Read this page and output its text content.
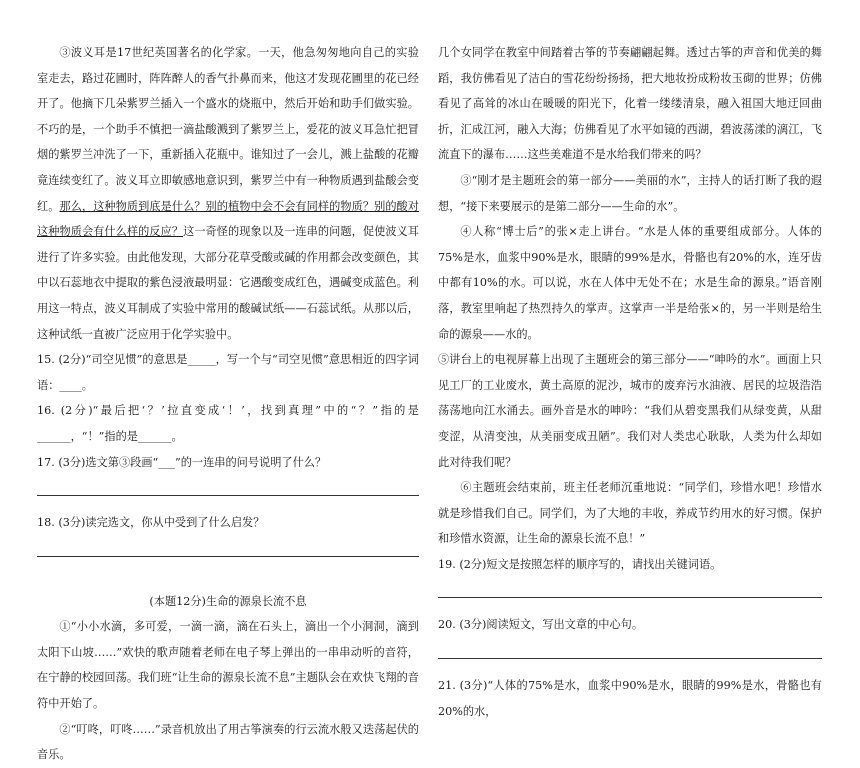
③波义耳是17世纪英国著名的化学家。一天，他急匆匆地向自己的实验室走去，路过花圃时，阵阵醉人的香气扑鼻而来，他这才发现花圃里的花已经开了。他摘下几朵紫罗兰插入一个盛水的烧瓶中，然后开始和助手们做实验。不巧的是，一个助手不慎把一滴盐酸溅到了紫罗兰上，爱花的波义耳急忙把冒烟的紫罗兰冲洗了一下，重新插入花瓶中。谁知过了一会儿，溅上盐酸的花瓣竟连续变红了。波义耳立即敏感地意识到，紫罗兰中有一种物质遇到盐酸会变红。那么，这种物质到底是什么？别的植物中会不会有同样的物质？别的酸对这种物质会有什么样的反应？这一奇怪的现象以及一连串的问题，促使波义耳进行了许多实验。由此他发现，大部分花草受酸或碱的作用都会改变颜色，其中以石蕊地衣中提取的紫色浸液最明显：它遇酸变成红色，遇碱变成蓝色。利用这一特点，波义耳制成了实验中常用的酸碱试纸——石蕊试纸。从那以后，这种试纸一直被广泛应用于化学实验中。

15. (2分)“司空见惯”的意思是_____，写一个与“司空见惯”意思相近的四字词语：____。

16. (2分)“最后把‘？’拉直变成‘！’，找到真理”中的“？”指的是______，“！”指的是______。

17. (3分)选文第③段画“___”的一连串的问号说明了什么？

18. (3分)读完选文，你从中受到了什么启发？

(本题12分)生命的源泉长流不息

①“小小水滴，多可爱，一滴一滴，滴在石头上，滴出一个小洞洞，滴到太阳下山坡……”欢快的歌声随着老师在电子琴上弹出的一串串动听的音符，在宁静的校园回荡。我们班“让生命的源泉长流不息”主题队会在欢快飞翔的音符中开始了。

②“叮咚，叮咚……”录音机放出了用古筝演奏的行云流水般又迭荡起伏的音乐。

几个女同学在教室中间踏着古筝的节奏翩翩起舞。透过古筝的声音和优美的舞蹈，我仿佛看见了洁白的雪花纷纷扬扬，把大地妆扮成粉妆玉砌的世界；仿佛看见了高耸的冰山在暖暖的阳光下，化着一缕缕清泉，融入祖国大地迂回曲折，汇成江河，融入大海；仿佛看见了水平如镜的西湖，碧波荡漾的漓江，飞流直下的瀑布……这些美难道不是水给我们带来的吗？

③“刚才是主题班会的第一部分——美丽的水”，主持人的话打断了我的遐想，“接下来要展示的是第二部分——生命的水”。

④人称“博士后”的张×走上讲台。“水是人体的重要组成部分。人体的75%是水，血浆中90%是水，眼睛的99%是水，骨骼也有20%的水，连牙齿中都有10%的水。可以说，水在人体中无处不在；水是生命的源泉。”语音刚落，教室里响起了热烈持久的掌声。这掌声一半是给张×的，另一半则是给生命的源泉——水的。

⑤讲台上的电视屏幕上出现了主题班会的第三部分——“呻吟的水”。画面上只见工厂的工业废水，黄土高原的泥沙，城市的废弃污水油液、居民的垃圾浩浩荡荡地向江水涌去。画外音是水的呻吟：“我们从碧变黑我们从绿变黄，从甜变涩，从清变浊，从美丽变成丑陋”。我们对人类忠心耿耿，人类为什么却如此对待我们呢？

⑥主题班会结束前，班主任老师沉重地说：“同学们，珍惜水吧！珍惜水就是珍惜我们自己。同学们，为了大地的丰收，养成节约用水的好习惯。保护和珍惜水资源，让生命的源泉长流不息！”

19. (2分)短文是按照怎样的顺序写的，请找出关键词语。

20. (3分)阅读短文，写出文章的中心句。

21. (3分)“人体的75%是水，血浆中90%是水，眼睛的99%是水，骨骼也有20%的水，
